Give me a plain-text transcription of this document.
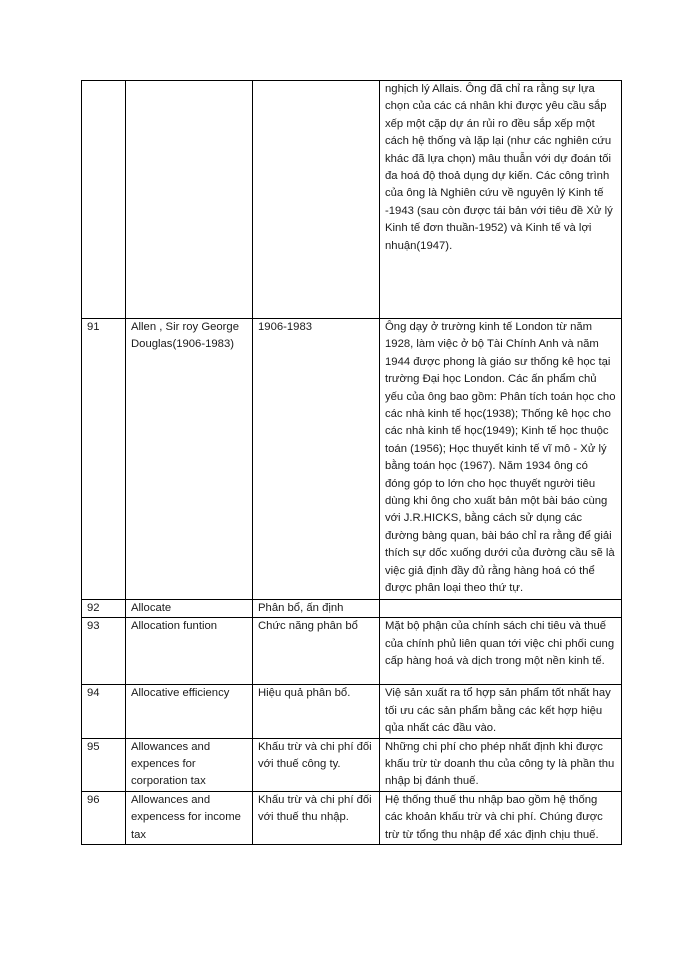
			nghịch lý Allais. Ông đã chỉ ra rằng sự lựa chọn của các cá nhân khi được yêu cầu sắp xếp một cặp dự án rủi ro đều sắp xếp một cách hệ thống và lặp lại (như các nghiên cứu khác đã lựa chọn) mâu thuẫn với dự đoán tối đa hoá độ thoả dụng dự kiến. Các công trình của ông là Nghiên cứu về nguyên lý Kinh tế -1943 (sau còn được tái bản với tiêu đề Xử lý Kinh tế đơn thuần-1952) và Kinh tế và lợi nhuận(1947).
91	Allen , Sir roy George Douglas(1906-1983)	1906-1983	Ông dạy ở trường kinh tế London từ năm 1928, làm việc ở bộ Tài Chính Anh và năm 1944 được phong là giáo sư thống kê học tại trường Đại học London. Các ấn phẩm chủ yếu của ông bao gồm: Phân tích toán học cho các nhà kinh tế học(1938); Thống kê học cho các nhà kinh tế học(1949); Kinh tế học thuộc toán (1956); Học thuyết kinh tế vĩ mô - Xử lý bằng toán học (1967). Năm 1934 ông có đóng góp to lớn cho học thuyết người tiêu dùng khi ông cho xuất bản một bài báo cùng với J.R.HICKS, bằng cách sử dụng các đường bàng quan, bài báo chỉ ra rằng để giải thích sự dốc xuống dưới của đường cầu sẽ là việc giả định đầy đủ rằng hàng hoá có thể được phân loại theo thứ tự.
92	Allocate	Phân bổ, ấn định	
93	Allocation funtion	Chức năng phân bổ	Mặt bộ phận của chính sách chi tiêu và thuế của chính phủ liên quan tới việc chi phối cung cấp hàng hoá và dịch trong một nền kinh tế.
94	Allocative efficiency	Hiệu quả phân bổ.	Việ sản xuất ra tổ hợp sản phẩm tốt nhất hay tối ưu các sản phẩm bằng các kết hợp hiệu qủa nhất các đầu vào.
95	Allowances and expences for corporation tax	Khấu trừ và chi phí đối với thuế công ty.	Những chi phí cho phép nhất định khi được khấu trừ từ doanh thu của công ty là phần thu nhập bị đánh thuế.
96	Allowances and expencess for income tax	Khấu trừ và chi phí đối với thuế thu nhập.	Hệ thống thuế thu nhập bao gồm hệ thống các khoản khấu trừ và chi phí. Chúng được trừ từ tổng thu nhập để xác định chịu thuế.
